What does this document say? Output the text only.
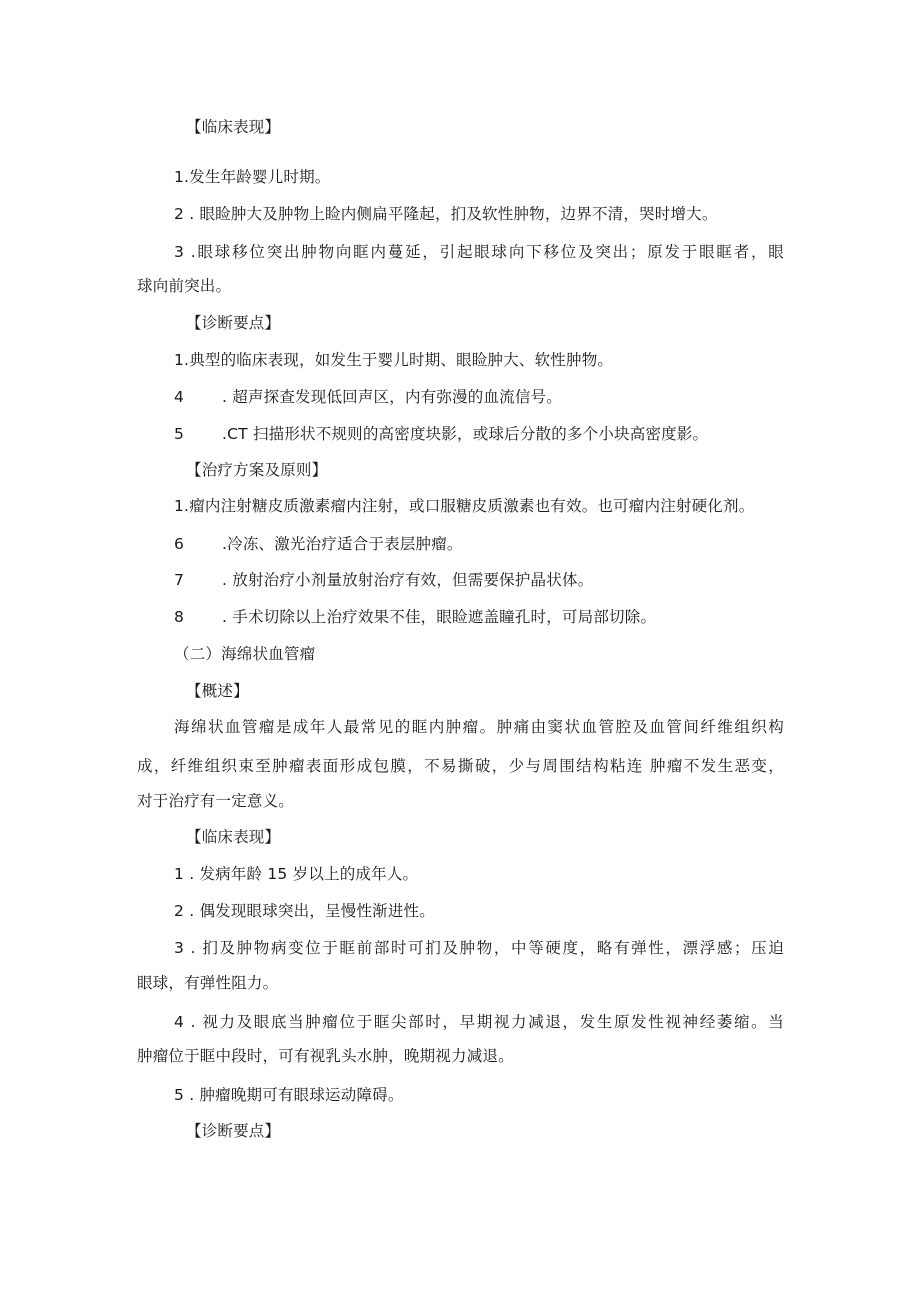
【临床表现】
1.发生年龄婴儿时期。
2 . 眼睑肿大及肿物上睑内侧扁平隆起，扪及软性肿物，边界不清，哭时增大。
3 .眼球移位突出肿物向眶内蔓延，引起眼球向下移位及突出；原发于眼眶者，眼
球向前突出。
【诊断要点】
1.典型的临床表现，如发生于婴儿时期、眼睑肿大、软性肿物。
4 . 超声探查发现低回声区，内有弥漫的血流信号。
5 .CT 扫描形状不规则的高密度块影，或球后分散的多个小块高密度影。
【治疗方案及原则】
1.瘤内注射糖皮质激素瘤内注射，或口服糖皮质激素也有效。也可瘤内注射硬化剂。
6 .冷冻、激光治疗适合于表层肿瘤。
7 . 放射治疗小剂量放射治疗有效，但需要保护晶状体。
8 . 手术切除以上治疗效果不佳，眼睑遮盖瞳孔时，可局部切除。
（二）海绵状血管瘤
【概述】
海绵状血管瘤是成年人最常见的眶内肿瘤。肿痛由窦状血管腔及血管间纤维组织构
成，纤维组织束至肿瘤表面形成包膜，不易撕破，少与周围结构粘连 肿瘤不发生恶变，
对于治疗有一定意义。
【临床表现】
1 . 发病年龄 15 岁以上的成年人。
2 . 偶发现眼球突出，呈慢性渐进性。
3 . 扪及肿物病变位于眶前部时可扪及肿物，中等硬度，略有弹性，漂浮感；压迫
眼球，有弹性阻力。
4 . 视力及眼底当肿瘤位于眶尖部时，早期视力减退，发生原发性视神经萎缩。当
肿瘤位于眶中段时，可有视乳头水肿，晚期视力减退。
5 . 肿瘤晚期可有眼球运动障碍。
【诊断要点】
